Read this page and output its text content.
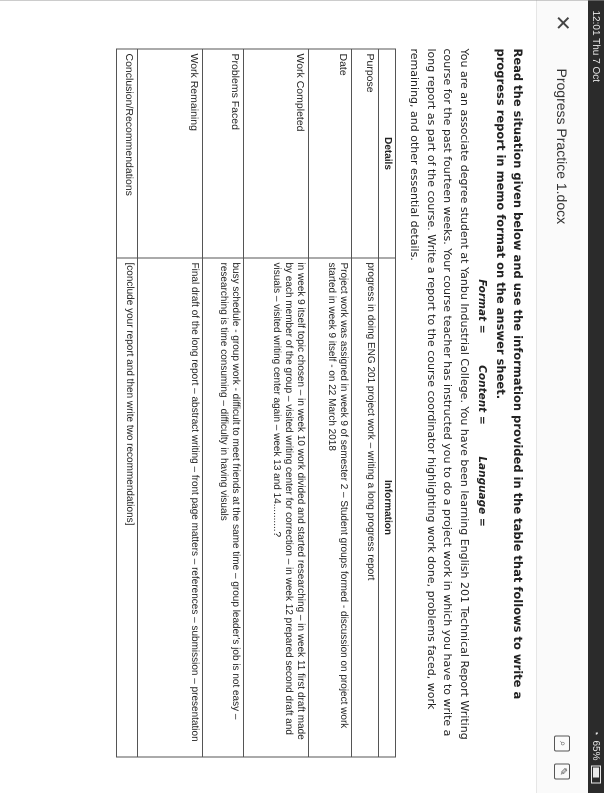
12:01 Thu 7 Oct
◔
65%
✕
Progress Practice 1.docx
⌕
✎

Read the situation given below and use the information provided in the table that follows to write a progress report in memo format on the answer sheet.

Format = Content = Language =

You are an associate degree student at Yanbu Industrial College. You have been learning English 201 Technical Report Writing course for the past fourteen weeks. Your course teacher has instructed you to do a project work in which you have to write a long report as part of the course. Write a report to the course coordinator highlighting work done, problems faced, work remaining, and other essential details.

Details	Information
Purpose	progress in doing ENG 201 project work – writing a long progress report
Date	Project work was assigned in week 9 of semester 2 – Student groups formed - discussion on project work started in week 9 itself - on 22 March 2018
Work Completed	in week 9 itself topic chosen – in week 10 work divided and started researching – in week 11 first draft made by each member of the group – visited writing center for correction – in week 12 prepared second draft and visuals – visited writing center again – week 13 and 14..........?
Problems Faced	busy schedule - group work - difficult to meet friends at the same time – group leader's job is not easy – researching is time consuming – difficulty in having visuals
Work Remaining	Final draft of the long report – abstract writing – front page matters – references – submission – presentation
Conclusion/Recommendations	[conclude your report and then write two recommendations]
